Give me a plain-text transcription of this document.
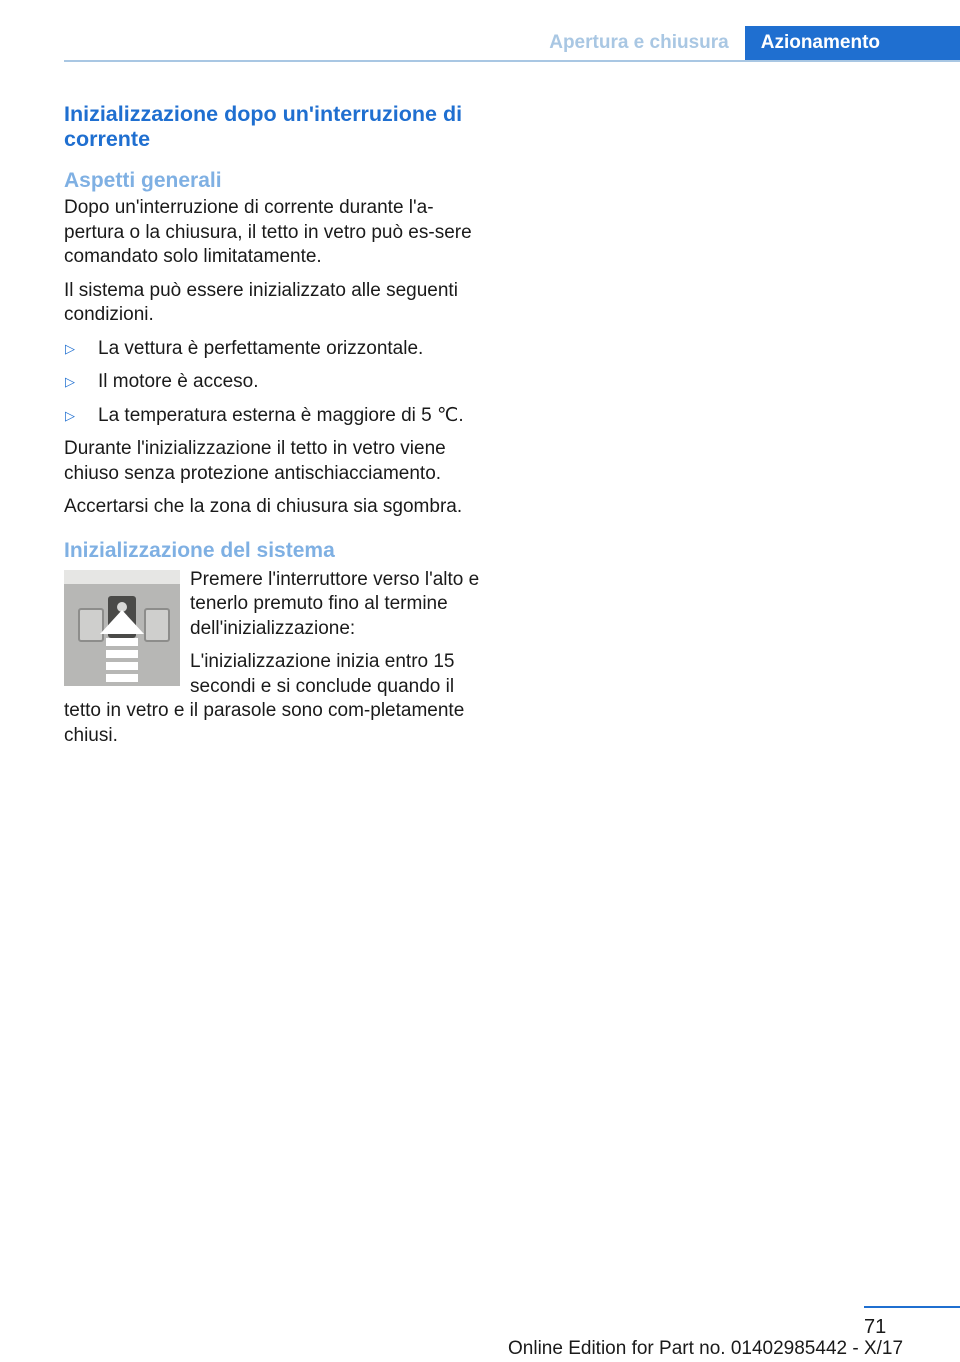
Apertura e chiusura	Azionamento
Inizializzazione dopo un'interruzione di corrente
Aspetti generali

Dopo un'interruzione di corrente durante l'a-pertura o la chiusura, il tetto in vetro può es-sere comandato solo limitatamente.

Il sistema può essere inizializzato alle seguenti condizioni.

▷ La vettura è perfettamente orizzontale.
▷ Il motore è acceso.
▷ La temperatura esterna è maggiore di 5 ℃.

Durante l'inizializzazione il tetto in vetro viene chiuso senza protezione antischiacciamento.

Accertarsi che la zona di chiusura sia sgombra.

Inizializzazione del sistema

Premere l'interruttore verso l'alto e tenerlo premuto fino al termine dell'inizializzazione:

L'inizializzazione inizia entro 15 secondi e si conclude quando il tetto in vetro e il parasole sono com-pletamente chiusi.

71
Online Edition for Part no. 01402985442 - X/17
